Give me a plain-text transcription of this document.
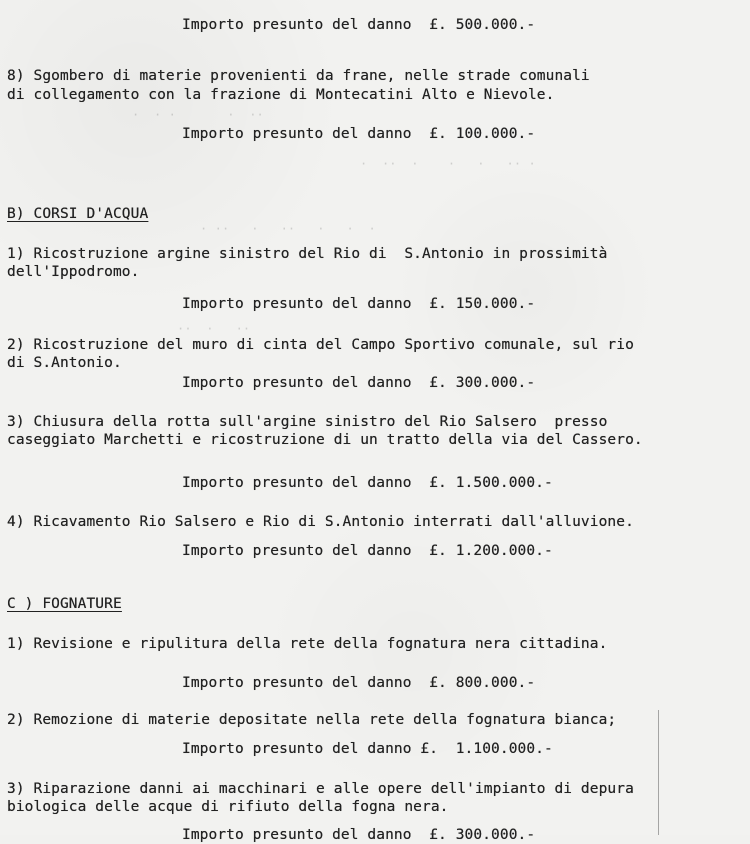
·  · ·       ·  ··
·  ··  ·    ·   ·   ·· ·
· ··   ·   ··   ·   ·  ·
··  ·   ··
Importo presunto del danno  £. 500.000.-
8) Sgombero di materie provenienti da frane, nelle strade comunali
di collegamento con la frazione di Montecatini Alto e Nievole.
Importo presunto del danno  £. 100.000.-
B) CORSI D'ACQUA
1) Ricostruzione argine sinistro del Rio di  S.Antonio in prossimità
dell'Ippodromo.
Importo presunto del danno  £. 150.000.-
2) Ricostruzione del muro di cinta del Campo Sportivo comunale, sul rio
di S.Antonio.
Importo presunto del danno  £. 300.000.-
3) Chiusura della rotta sull'argine sinistro del Rio Salsero  presso
caseggiato Marchetti e ricostruzione di un tratto della via del Cassero.
Importo presunto del danno  £. 1.500.000.-
4) Ricavamento Rio Salsero e Rio di S.Antonio interrati dall'alluvione.
Importo presunto del danno  £. 1.200.000.-
C ) FOGNATURE
1) Revisione e ripulitura della rete della fognatura nera cittadina.
Importo presunto del danno  £. 800.000.-
2) Remozione di materie depositate nella rete della fognatura bianca;
Importo presunto del danno £.  1.100.000.-
3) Riparazione danni ai macchinari e alle opere dell'impianto di depura
biologica delle acque di rifiuto della fogna nera.
Importo presunto del danno  £. 300.000.-
